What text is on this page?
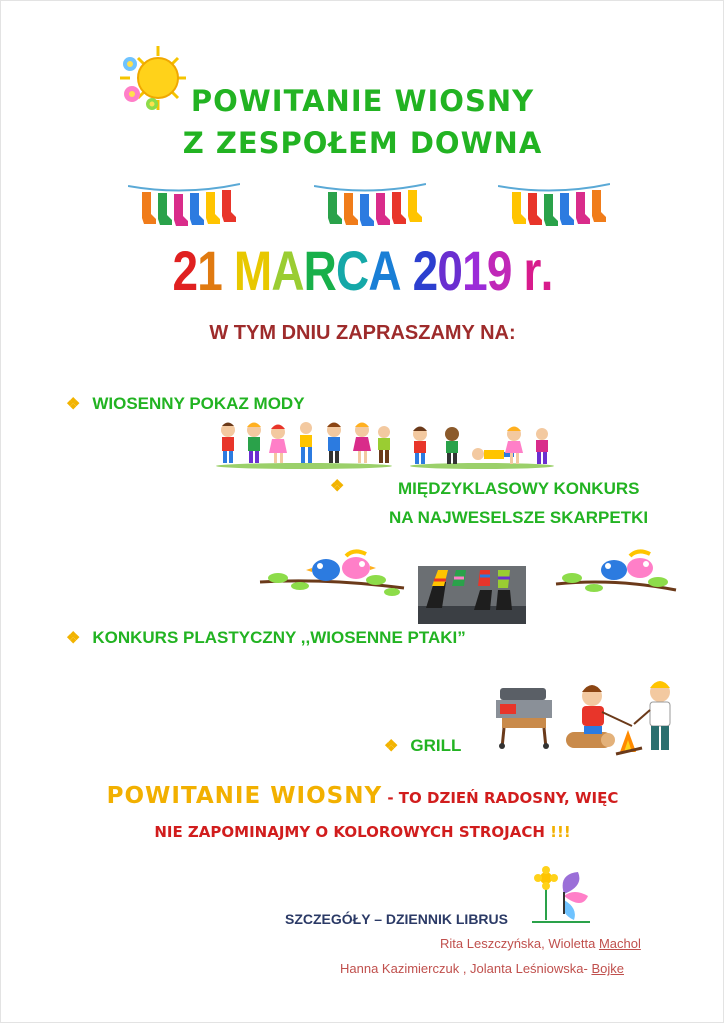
POWITANIE WIOSNY
Z ZESPOŁEM DOWNA
21 MARCA 2019 r.
W TYM DNIU ZAPRASZAMY NA:
❖ WIOSENNY POKAZ MODY
❖	MIĘDZYKLASOWY KONKURS
NA NAJWESELSZE SKARPETKI
❖ KONKURS PLASTYCZNY ,,WIOSENNE PTAKI”
❖ GRILL
POWITANIE WIOSNY - TO DZIEŃ RADOSNY, WIĘC
NIE ZAPOMINAJMY O KOLOROWYCH STROJACH !!!
SZCZEGÓŁY – DZIENNIK LIBRUS
Rita Leszczyńska, Wioletta Machol
Hanna Kazimierczuk , Jolanta Leśniowska- Bojke
